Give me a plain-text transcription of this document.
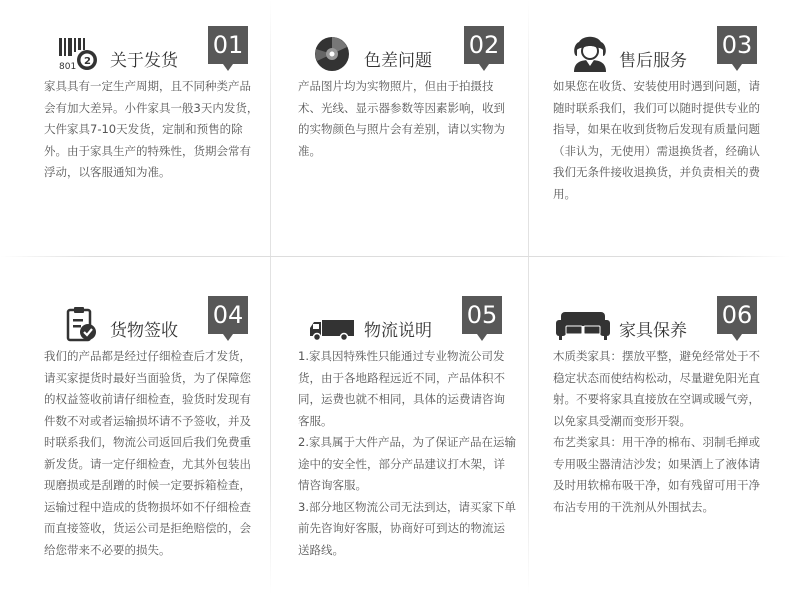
801 2 关于发货
01

家具具有一定生产周期，且不同种类产品会有加大差异。小件家具一般3天内发货，大件家具7-10天发货，定制和预售的除外。由于家具生产的特殊性，货期会常有浮动，以客服通知为准。

色差问题
02

产品图片均为实物照片，但由于拍摄技术、光线、显示器参数等因素影响，收到的实物颜色与照片会有差别，请以实物为准。

售后服务
03

如果您在收货、安装使用时遇到问题，请随时联系我们，我们可以随时提供专业的指导，如果在收到货物后发现有质量问题（非认为，无使用）需退换货者，经确认我们无条件接收退换货，并负责相关的费用。

货物签收
04

我们的产品都是经过仔细检查后才发货，请买家提货时最好当面验货，为了保障您的权益签收前请仔细检查，验货时发现有件数不对或者运输损坏请不予签收，并及时联系我们，物流公司返回后我们免费重新发货。请一定仔细检查，尤其外包装出现磨损或是刮蹭的时候一定要拆箱检查，运输过程中造成的货物损坏如不仔细检查而直接签收，货运公司是拒绝赔偿的，会给您带来不必要的损失。

物流说明
05

1.家具因特殊性只能通过专业物流公司发货，由于各地路程远近不同，产品体积不同，运费也就不相同，具体的运费请咨询客服。

2.家具属于大件产品，为了保证产品在运输途中的安全性，部分产品建议打木架，详情咨询客服。

3.部分地区物流公司无法到达，请买家下单前先咨询好客服，协商好可到达的物流运送路线。

家具保养
06

木质类家具：摆放平整，避免经常处于不稳定状态而使结构松动，尽量避免阳光直射。不要将家具直接放在空调或暖气旁，以免家具受潮而变形开裂。

布艺类家具：用干净的棉布、羽制毛掸或专用吸尘器清洁沙发；如果洒上了液体请及时用软棉布吸干净，如有残留可用干净布沾专用的干洗剂从外围拭去。
